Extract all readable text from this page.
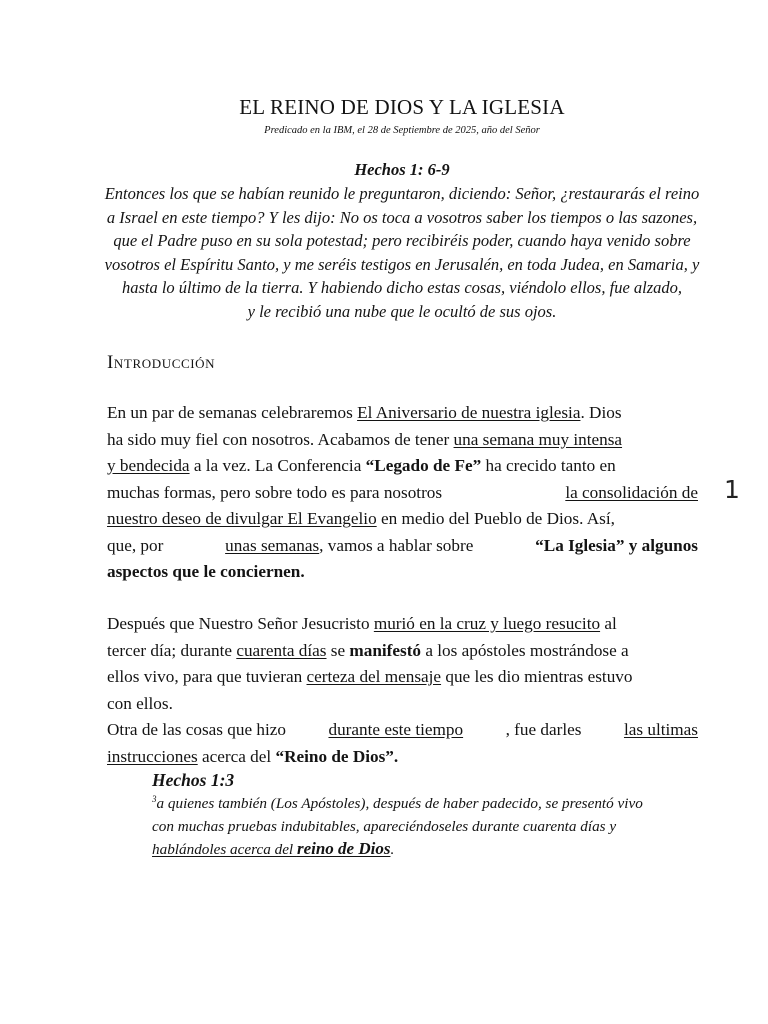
EL REINO DE DIOS Y LA IGLESIA
Predicado en la IBM, el 28 de Septiembre de 2025, año del Señor
Hechos 1: 6-9
Entonces los que se habían reunido le preguntaron, diciendo: Señor, ¿restaurarás el reino
a Israel en este tiempo? Y les dijo: No os toca a vosotros saber los tiempos o las sazones,
que el Padre puso en su sola potestad; pero recibiréis poder, cuando haya venido sobre
vosotros el Espíritu Santo, y me seréis testigos en Jerusalén, en toda Judea, en Samaria, y
hasta lo último de la tierra. Y habiendo dicho estas cosas, viéndolo ellos, fue alzado,
y le recibió una nube que le ocultó de sus ojos.
Introducción
En un par de semanas celebraremos El Aniversario de nuestra iglesia. Dios
ha sido muy fiel con nosotros. Acabamos de tener una semana muy intensa
y bendecida a la vez. La Conferencia “Legado de Fe” ha crecido tanto en
muchas formas, pero sobre todo es para nosotros	la consolidación de
nuestro deseo de divulgar El Evangelio en medio del Pueblo de Dios. Así,
que, por	unas semanas, vamos a hablar sobre	“La Iglesia” y algunos
aspectos que le conciernen.
Después que Nuestro Señor Jesucristo murió en la cruz y luego resucito al
tercer día; durante cuarenta días se manifestó a los apóstoles mostrándose a
ellos vivo, para que tuvieran certeza del mensaje que les dio mientras estuvo
con ellos.
Otra de las cosas que hizo durante este tiempo , fue darles las ultimas
instrucciones acerca del “Reino de Dios”.
Hechos 1:3
$^3$a quienes también (Los Apóstoles), después de haber padecido, se presentó vivo
con muchas pruebas indubitables, apareciéndoseles durante cuarenta días y
hablándoles acerca del reino de Dios.
1
